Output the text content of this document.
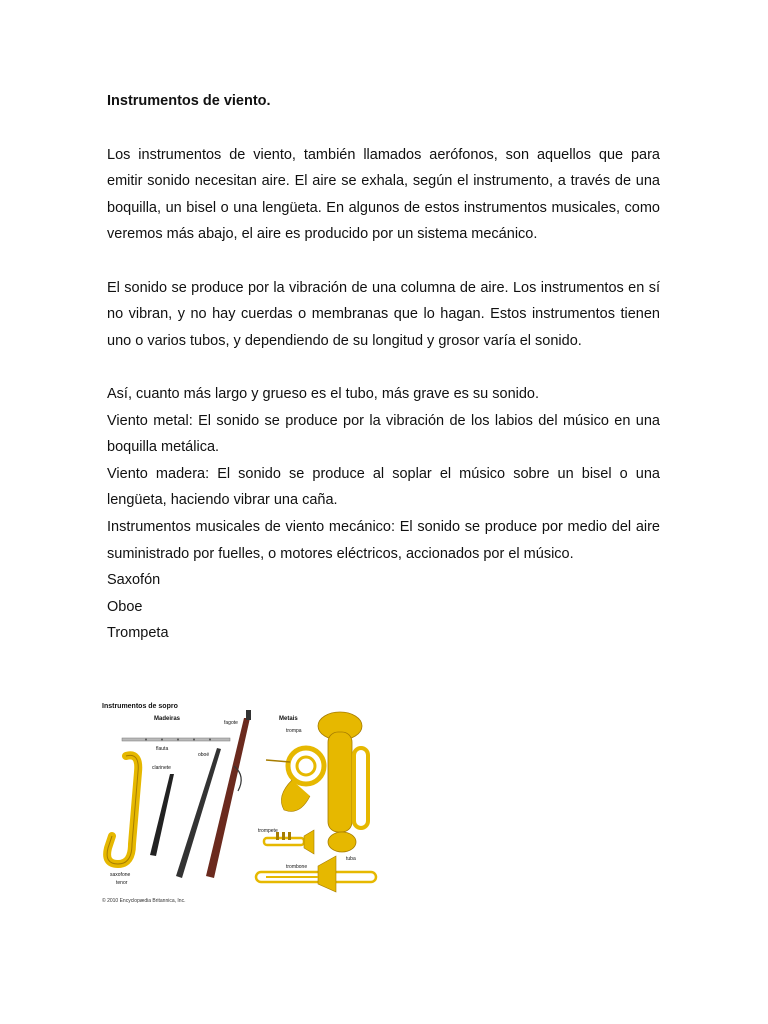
Instrumentos de viento.

Los instrumentos de viento, también llamados aerófonos, son aquellos que para emitir sonido necesitan aire. El aire se exhala, según el instrumento, a través de una boquilla, un bisel o una lengüeta. En algunos de estos instrumentos musicales, como veremos más abajo, el aire es producido por un sistema mecánico.

El sonido se produce por la vibración de una columna de aire. Los instrumentos en sí no vibran, y no hay cuerdas o membranas que lo hagan. Estos instrumentos tienen uno o varios tubos, y dependiendo de su longitud y grosor varía el sonido.

Así, cuanto más largo y grueso es el tubo, más grave es su sonido.

Viento metal: El sonido se produce por la vibración de los labios del músico en una boquilla metálica.

Viento madera: El sonido se produce al soplar el músico sobre un bisel o una lengüeta, haciendo vibrar una caña.

Instrumentos musicales de viento mecánico: El sonido se produce por medio del aire suministrado por fuelles, o motores eléctricos, accionados por el músico.

Saxofón

Oboe

Trompeta

Instrumentos de sopro
Madeiras	Metais
flauta
fagote
oboé
clarinete
saxofone
tenor
trompa
tuba
trompete
trombone
© 2010 Encyclopædia Britannica, Inc.
